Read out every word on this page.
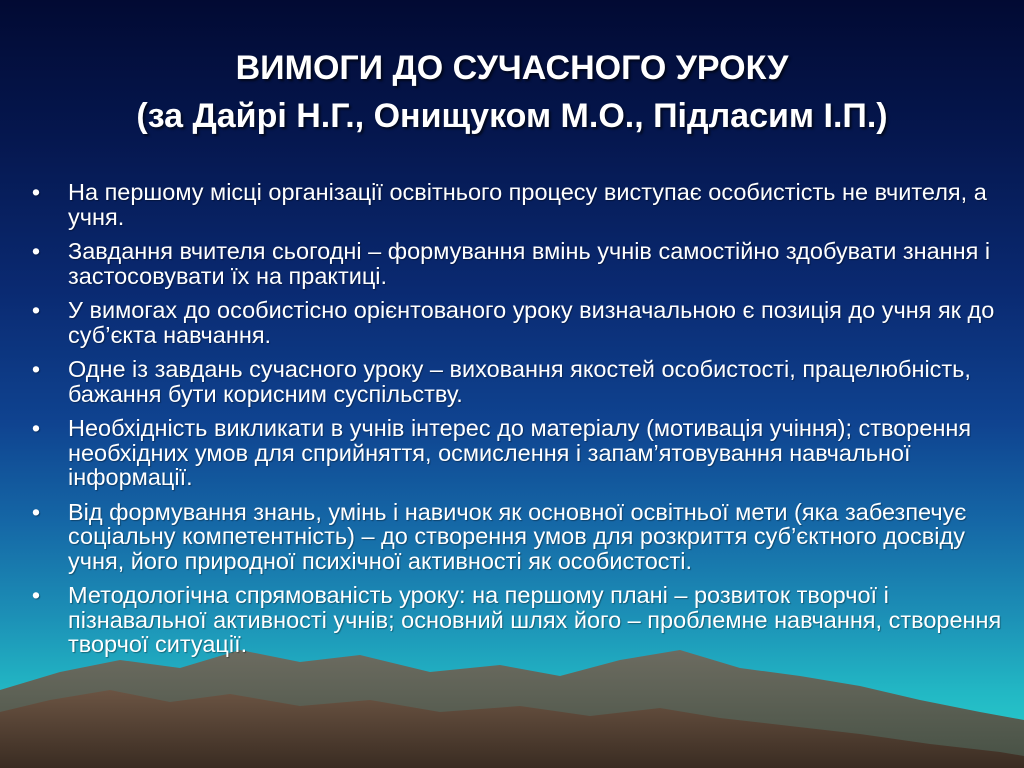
ВИМОГИ ДО СУЧАСНОГО УРОКУ
(за Дайрі Н.Г., Онищуком М.О., Підласим І.П.)
• На першому місці організації освітнього процесу виступає особистість не вчителя, а учня.
• Завдання вчителя сьогодні – формування вмінь учнів самостійно здобувати знання і застосовувати їх на практиці.
• У вимогах до особистісно орієнтованого уроку визначальною є позиція до учня як до суб’єкта навчання.
• Одне із завдань сучасного уроку – виховання якостей особистості, працелюбність, бажання бути корисним суспільству.
• Необхідність викликати в учнів інтерес до матеріалу (мотивація учіння); створення необхідних умов для сприйняття, осмислення і запам’ятовування навчальної інформації.
• Від формування знань, умінь і навичок як основної освітньої мети (яка забезпечує соціальну компетентність) – до створення умов для розкриття суб’єктного досвіду учня, його природної психічної активності як особистості.
• Методологічна спрямованість уроку: на першому плані – розвиток творчої і пізнавальної активності учнів; основний шлях його – проблемне навчання, створення творчої ситуації.
